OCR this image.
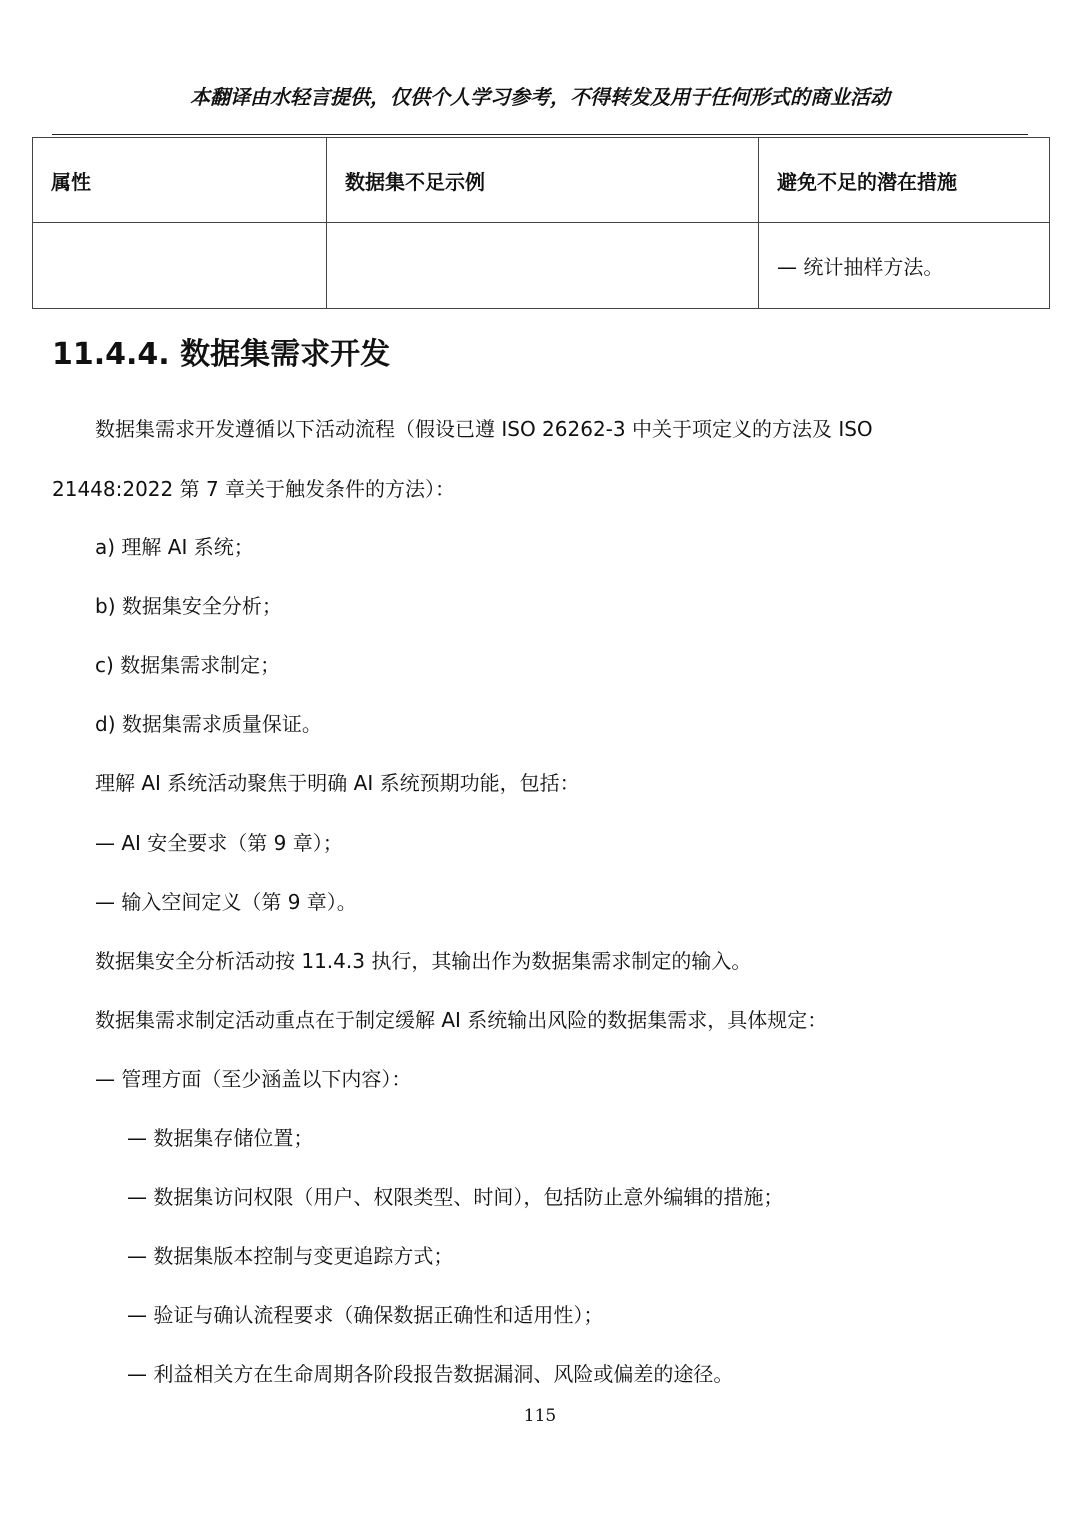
本翻译由水轻言提供，仅供个人学习参考，不得转发及用于任何形式的商业活动
属性	数据集不足示例	避免不足的潜在措施
		— 统计抽样方法。
11.4.4. 数据集需求开发
数据集需求开发遵循以下活动流程（假设已遵 ISO 26262-3 中关于项定义的方法及 ISO
21448:2022 第 7 章关于触发条件的方法）：
a) 理解 AI 系统；
b) 数据集安全分析；
c) 数据集需求制定；
d) 数据集需求质量保证。
理解 AI 系统活动聚焦于明确 AI 系统预期功能，包括：
— AI 安全要求（第 9 章）；
— 输入空间定义（第 9 章）。
数据集安全分析活动按 11.4.3 执行，其输出作为数据集需求制定的输入。
数据集需求制定活动重点在于制定缓解 AI 系统输出风险的数据集需求，具体规定：
— 管理方面（至少涵盖以下内容）：
— 数据集存储位置；
— 数据集访问权限（用户、权限类型、时间），包括防止意外编辑的措施；
— 数据集版本控制与变更追踪方式；
— 验证与确认流程要求（确保数据正确性和适用性）；
— 利益相关方在生命周期各阶段报告数据漏洞、风险或偏差的途径。
115
